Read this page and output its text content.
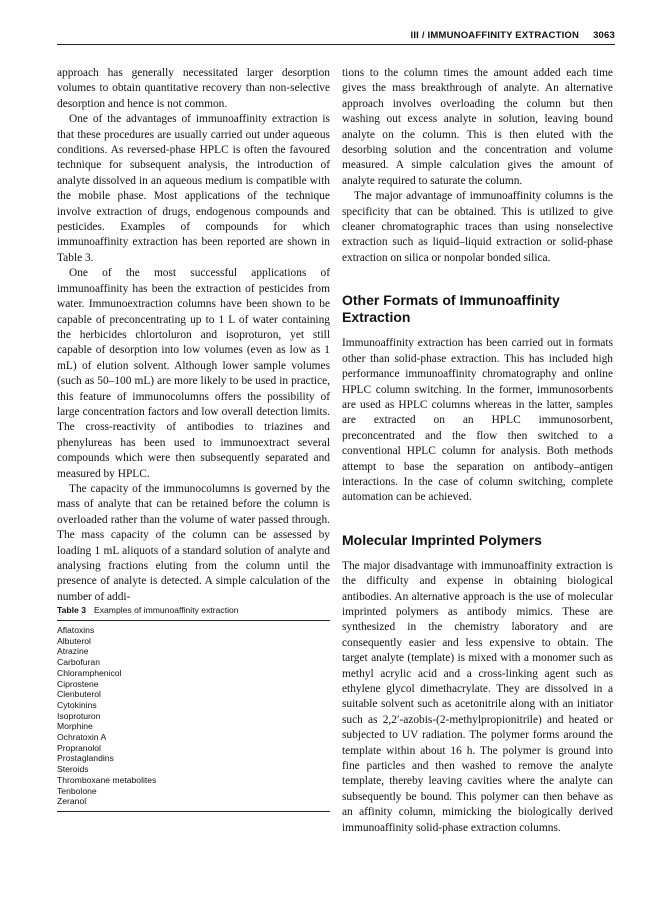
III / IMMUNOAFFINITY EXTRACTION 3063

approach has generally necessitated larger desorption volumes to obtain quantitative recovery than non-selective desorption and hence is not common.

One of the advantages of immunoaffinity extraction is that these procedures are usually carried out under aqueous conditions. As reversed-phase HPLC is often the favoured technique for subsequent analysis, the introduction of analyte dissolved in an aqueous medium is compatible with the mobile phase. Most applications of the technique involve extraction of drugs, endogenous compounds and pesticides. Examples of compounds for which immunoaffinity extraction has been reported are shown in Table 3.

One of the most successful applications of immunoaffinity has been the extraction of pesticides from water. Immunoextraction columns have been shown to be capable of preconcentrating up to 1 L of water containing the herbicides chlortoluron and isoproturon, yet still capable of desorption into low volumes (even as low as 1 mL) of elution solvent. Although lower sample volumes (such as 50–100 mL) are more likely to be used in practice, this feature of immunocolumns offers the possibility of large concentration factors and low overall detection limits. The cross-reactivity of antibodies to triazines and phenylureas has been used to immunoextract several compounds which were then subsequently separated and measured by HPLC.

The capacity of the immunocolumns is governed by the mass of analyte that can be retained before the column is overloaded rather than the volume of water passed through. The mass capacity of the column can be assessed by loading 1 mL aliquots of a standard solution of analyte and analysing fractions eluting from the column until the presence of analyte is detected. A simple calculation of the number of addi-

Table 3 Examples of immunoaffinity extraction
Aflatoxins
Albuterol
Atrazine
Carbofuran
Chloramphenicol
Ciprostene
Clenbuterol
Cytokinins
Isoproturon
Morphine
Ochratoxin A
Propranolol
Prostaglandins
Steroids
Thromboxane metabolites
Tenbolone
Zeranol

tions to the column times the amount added each time gives the mass breakthrough of analyte. An alternative approach involves overloading the column but then washing out excess analyte in solution, leaving bound analyte on the column. This is then eluted with the desorbing solution and the concentration and volume measured. A simple calculation gives the amount of analyte required to saturate the column.

The major advantage of immunoaffinity columns is the specificity that can be obtained. This is utilized to give cleaner chromatographic traces than using nonselective extraction such as liquid–liquid extraction or solid-phase extraction on silica or nonpolar bonded silica.

Other Formats of Immunoaffinity Extraction

Immunoaffinity extraction has been carried out in formats other than solid-phase extraction. This has included high performance immunoaffinity chromatography and online HPLC column switching. In the former, immunosorbents are used as HPLC columns whereas in the latter, samples are extracted on an HPLC immunosorbent, preconcentrated and the flow then switched to a conventional HPLC column for analysis. Both methods attempt to base the separation on antibody–antigen interactions. In the case of column switching, complete automation can be achieved.

Molecular Imprinted Polymers

The major disadvantage with immunoaffinity extraction is the difficulty and expense in obtaining biological antibodies. An alternative approach is the use of molecular imprinted polymers as antibody mimics. These are synthesized in the chemistry laboratory and are consequently easier and less expensive to obtain. The target analyte (template) is mixed with a monomer such as methyl acrylic acid and a cross-linking agent such as ethylene glycol dimethacrylate. They are dissolved in a suitable solvent such as acetonitrile along with an initiator such as 2,2′-azobis-(2-methylpropionitrile) and heated or subjected to UV radiation. The polymer forms around the template within about 16 h. The polymer is ground into fine particles and then washed to remove the analyte template, thereby leaving cavities where the analyte can subsequently be bound. This polymer can then behave as an affinity column, mimicking the biologically derived immunoaffinity solid-phase extraction columns.
